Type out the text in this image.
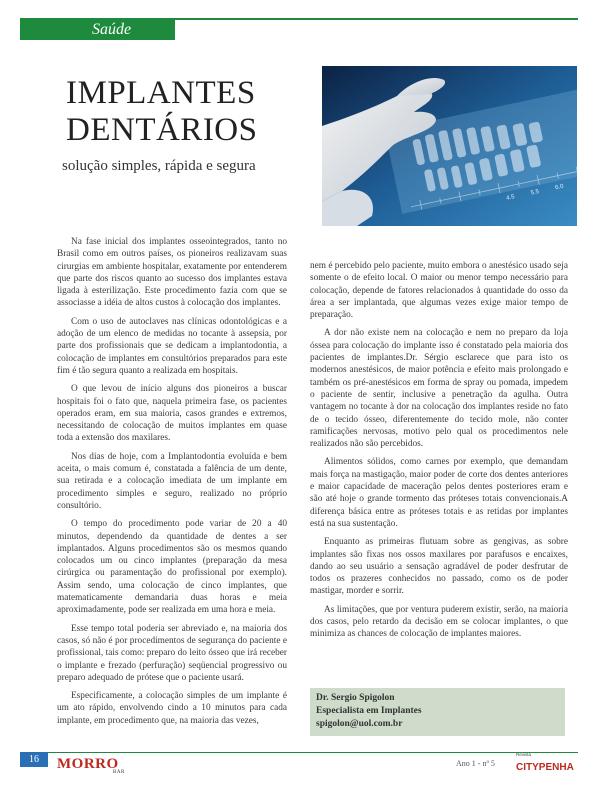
Saúde
IMPLANTES
DENTÁRIOS
solução simples, rápida e segura
4.5
5.5
6.0

Na fase inicial dos implantes osseointegrados, tanto no Brasil como em outros países, os pioneiros realizavam suas cirurgias em ambiente hospitalar, exatamente por entenderem que parte dos riscos quanto ao sucesso dos implantes estava ligada à esterilização. Este procedimento fazia com que se associasse a idéia de altos custos à colocação dos implantes.

Com o uso de autoclaves nas clínicas odontológicas e a adoção de um elenco de medidas no tocante à assepsia, por parte dos profissionais que se dedicam a implantodontia, a colocação de implantes em consultórios preparados para este fim é tão segura quanto a realizada em hospitais.

O que levou de início alguns dos pioneiros a buscar hospitais foi o fato que, naquela primeira fase, os pacientes operados eram, em sua maioria, casos grandes e extremos, necessitando de colocação de muitos implantes em quase toda a extensão dos maxilares.

Nos dias de hoje, com a Implantodontia evoluída e bem aceita, o mais comum é, constatada a falência de um dente, sua retirada e a colocação imediata de um implante em procedimento simples e seguro, realizado no próprio consultório.

O tempo do procedimento pode variar de 20 a 40 minutos, dependendo da quantidade de dentes a ser implantados. Alguns procedimentos são os mesmos quando colocados um ou cinco implantes (preparação da mesa cirúrgica ou paramentação do profissional por exemplo). Assim sendo, uma colocação de cinco implantes, que matematicamente demandaria duas horas e meia aproximadamente, pode ser realizada em uma hora e meia.

Esse tempo total poderia ser abreviado e, na maioria dos casos, só não é por procedimentos de segurança do paciente e profissional, tais como: preparo do leito ósseo que irá receber o implante e frezado (perfuração) seqüencial progressivo ou preparo adequado de prótese que o paciente usará.

Especificamente, a colocação simples de um implante é um ato rápido, envolvendo cindo a 10 minutos para cada implante, em procedimento que, na maioria das vezes,

nem é percebido pelo paciente, muito embora o anestésico usado seja somente o de efeito local. O maior ou menor tempo necessário para colocação, depende de fatores relacionados à quantidade do osso da área a ser implantada, que algumas vezes exige maior tempo de preparação.

A dor não existe nem na colocação e nem no preparo da loja óssea para colocação do implante isso é constatado pela maioria dos pacientes de implantes.Dr. Sérgio esclarece que para isto os modernos anestésicos, de maior potência e efeito mais prolongado e também os pré-anestésicos em forma de spray ou pomada, impedem o paciente de sentir, inclusive a penetração da agulha. Outra vantagem no tocante à dor na colocação dos implantes reside no fato de o tecido ósseo, diferentemente do tecido mole, não conter ramificações nervosas, motivo pelo qual os procedimentos nele realizados não são percebidos.

Alimentos sólidos, como carnes por exemplo, que demandam mais força na mastigação, maior poder de corte dos dentes anteriores e maior capacidade de maceração pelos dentes posteriores eram e são até hoje o grande tormento das próteses totais convencionais.A diferença básica entre as próteses totais e as retidas por implantes está na sua sustentação.

Enquanto as primeiras flutuam sobre as gengivas, as sobre implantes são fixas nos ossos maxilares por parafusos e encaixes, dando ao seu usuário a sensação agradável de poder desfrutar de todos os prazeres conhecidos no passado, como os de poder mastigar, morder e sorrir.

As limitações, que por ventura puderem existir, serão, na maioria dos casos, pelo retardo da decisão em se colocar implantes, o que minimiza as chances de colocação de implantes maiores.

Dr. Sergio Spigolon
Especialista em Implantes
spigolon@uol.com.br
16	MORRO
BAR
Ano 1 - nº 5
Revista
CITYPENHA
